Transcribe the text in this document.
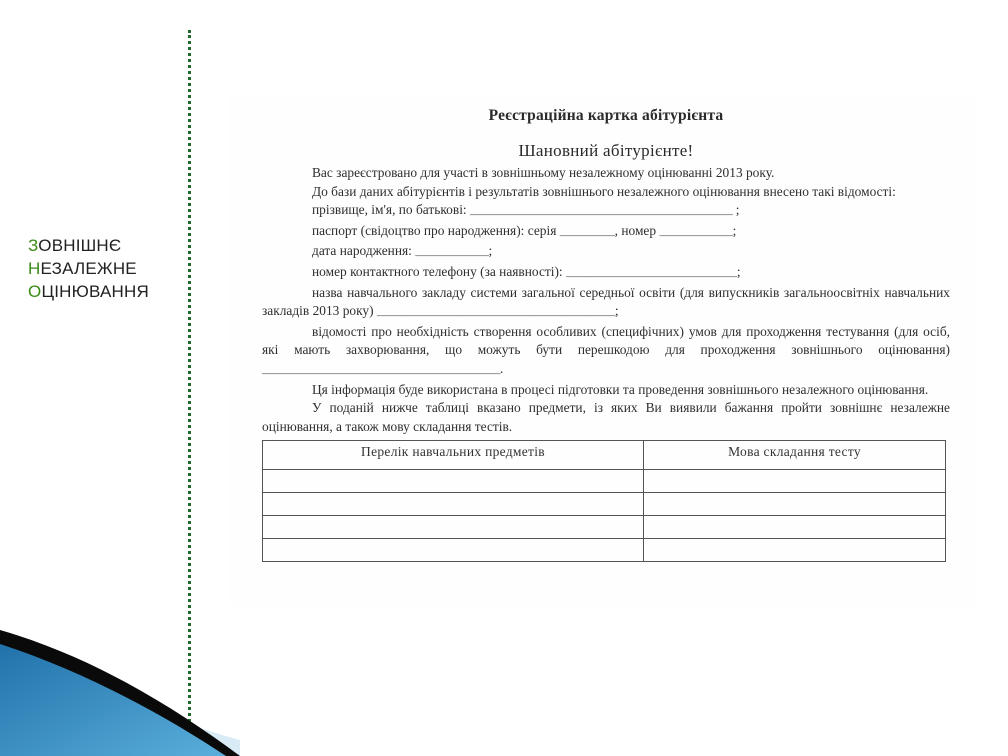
ЗОВНІШНЄ
НЕЗАЛЕЖНЕ
ОЦІНЮВАННЯ
Реєстраційна картка абітурієнта
Шановний абітурієнте!
Вас зареєстровано для участі в зовнішньому незалежному оцінюванні 2013 року.
До бази даних абітурієнтів і результатів зовнішнього незалежного оцінювання внесено такі відомості:
прізвище, ім'я, по батькові: ___________________________________________ ;
паспорт (свідоцтво про народження): серія _________, номер ____________;
дата народження: ____________;
номер контактного телефону (за наявності): ____________________________;
назва навчального закладу системи загальної середньої освіти (для випускників загальноосвітніх навчальних закладів 2013 року) _______________________________________;
відомості про необхідність створення особливих (специфічних) умов для проходження тестування (для осіб, які мають захворювання, що можуть бути перешкодою для проходження зовнішнього оцінювання) _______________________________________.
Ця інформація буде використана в процесі підготовки та проведення зовнішнього незалежного оцінювання.
У поданій нижче таблиці вказано предмети, із яких Ви виявили бажання пройти зовнішнє незалежне оцінювання, а також мову складання тестів.
Перелік навчальних предметів	Мова складання тесту
